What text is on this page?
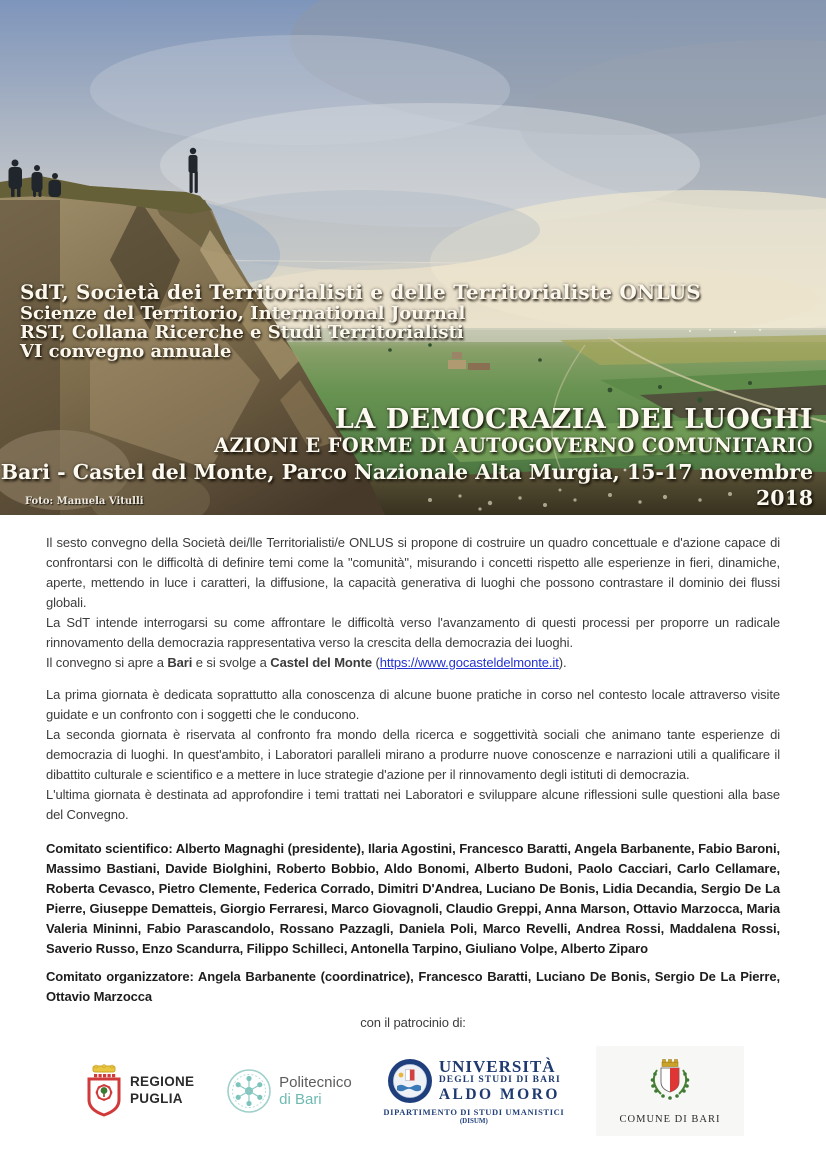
SdT, Società dei Territorialisti e delle Territorialiste ONLUS
Scienze del Territorio, International Journal
RST, Collana Ricerche e Studi Territorialisti
VI convegno annuale
LA DEMOCRAZIA DEI LUOGHI
AZIONI E FORME DI AUTOGOVERNO COMUNITARIO
Bari - Castel del Monte, Parco Nazionale Alta Murgia, 15-17 novembre 2018
Foto: Manuela Vitulli
Il sesto convegno della Società dei/lle Territorialisti/e ONLUS si propone di costruire un quadro concettuale e d'azione capace di confrontarsi con le difficoltà di definire temi come la "comunità", misurando i concetti rispetto alle esperienze in fieri, dinamiche, aperte, mettendo in luce i caratteri, la diffusione, la capacità generativa di luoghi che possono contrastare il dominio dei flussi globali.
La SdT intende interrogarsi su come affrontare le difficoltà verso l'avanzamento di questi processi per proporre un radicale rinnovamento della democrazia rappresentativa verso la crescita della democrazia dei luoghi.
Il convegno si apre a Bari e si svolge a Castel del Monte (https://www.gocasteldelmonte.it).
La prima giornata è dedicata soprattutto alla conoscenza di alcune buone pratiche in corso nel contesto locale attraverso visite guidate e un confronto con i soggetti che le conducono.
La seconda giornata è riservata al confronto fra mondo della ricerca e soggettività sociali che animano tante esperienze di democrazia di luoghi. In quest'ambito, i Laboratori paralleli mirano a produrre nuove conoscenze e narrazioni utili a qualificare il dibattito culturale e scientifico e a mettere in luce strategie d'azione per il rinnovamento degli istituti di democrazia.
L'ultima giornata è destinata ad approfondire i temi trattati nei Laboratori e sviluppare alcune riflessioni sulle questioni alla base del Convegno.
Comitato scientifico: Alberto Magnaghi (presidente), Ilaria Agostini, Francesco Baratti, Angela Barbanente, Fabio Baroni, Massimo Bastiani, Davide Biolghini, Roberto Bobbio, Aldo Bonomi, Alberto Budoni, Paolo Cacciari, Carlo Cellamare, Roberta Cevasco, Pietro Clemente, Federica Corrado, Dimitri D'Andrea, Luciano De Bonis, Lidia Decandia, Sergio De La Pierre, Giuseppe Dematteis, Giorgio Ferraresi, Marco Giovagnoli, Claudio Greppi, Anna Marson, Ottavio Marzocca, Maria Valeria Mininni, Fabio Parascandolo, Rossano Pazzagli, Daniela Poli, Marco Revelli, Andrea Rossi, Maddalena Rossi, Saverio Russo, Enzo Scandurra, Filippo Schilleci, Antonella Tarpino, Giuliano Volpe, Alberto Ziparo
Comitato organizzatore: Angela Barbanente (coordinatrice), Francesco Baratti, Luciano De Bonis, Sergio De La Pierre, Ottavio Marzocca
con il patrocinio di:
REGIONE
PUGLIA
Politecnico
di Bari
UNIVERSITÀ
DEGLI STUDI DI BARI
ALDO MORO
DIPARTIMENTO DI STUDI UMANISTICI
(DISUM)	COMUNE DI BARI
